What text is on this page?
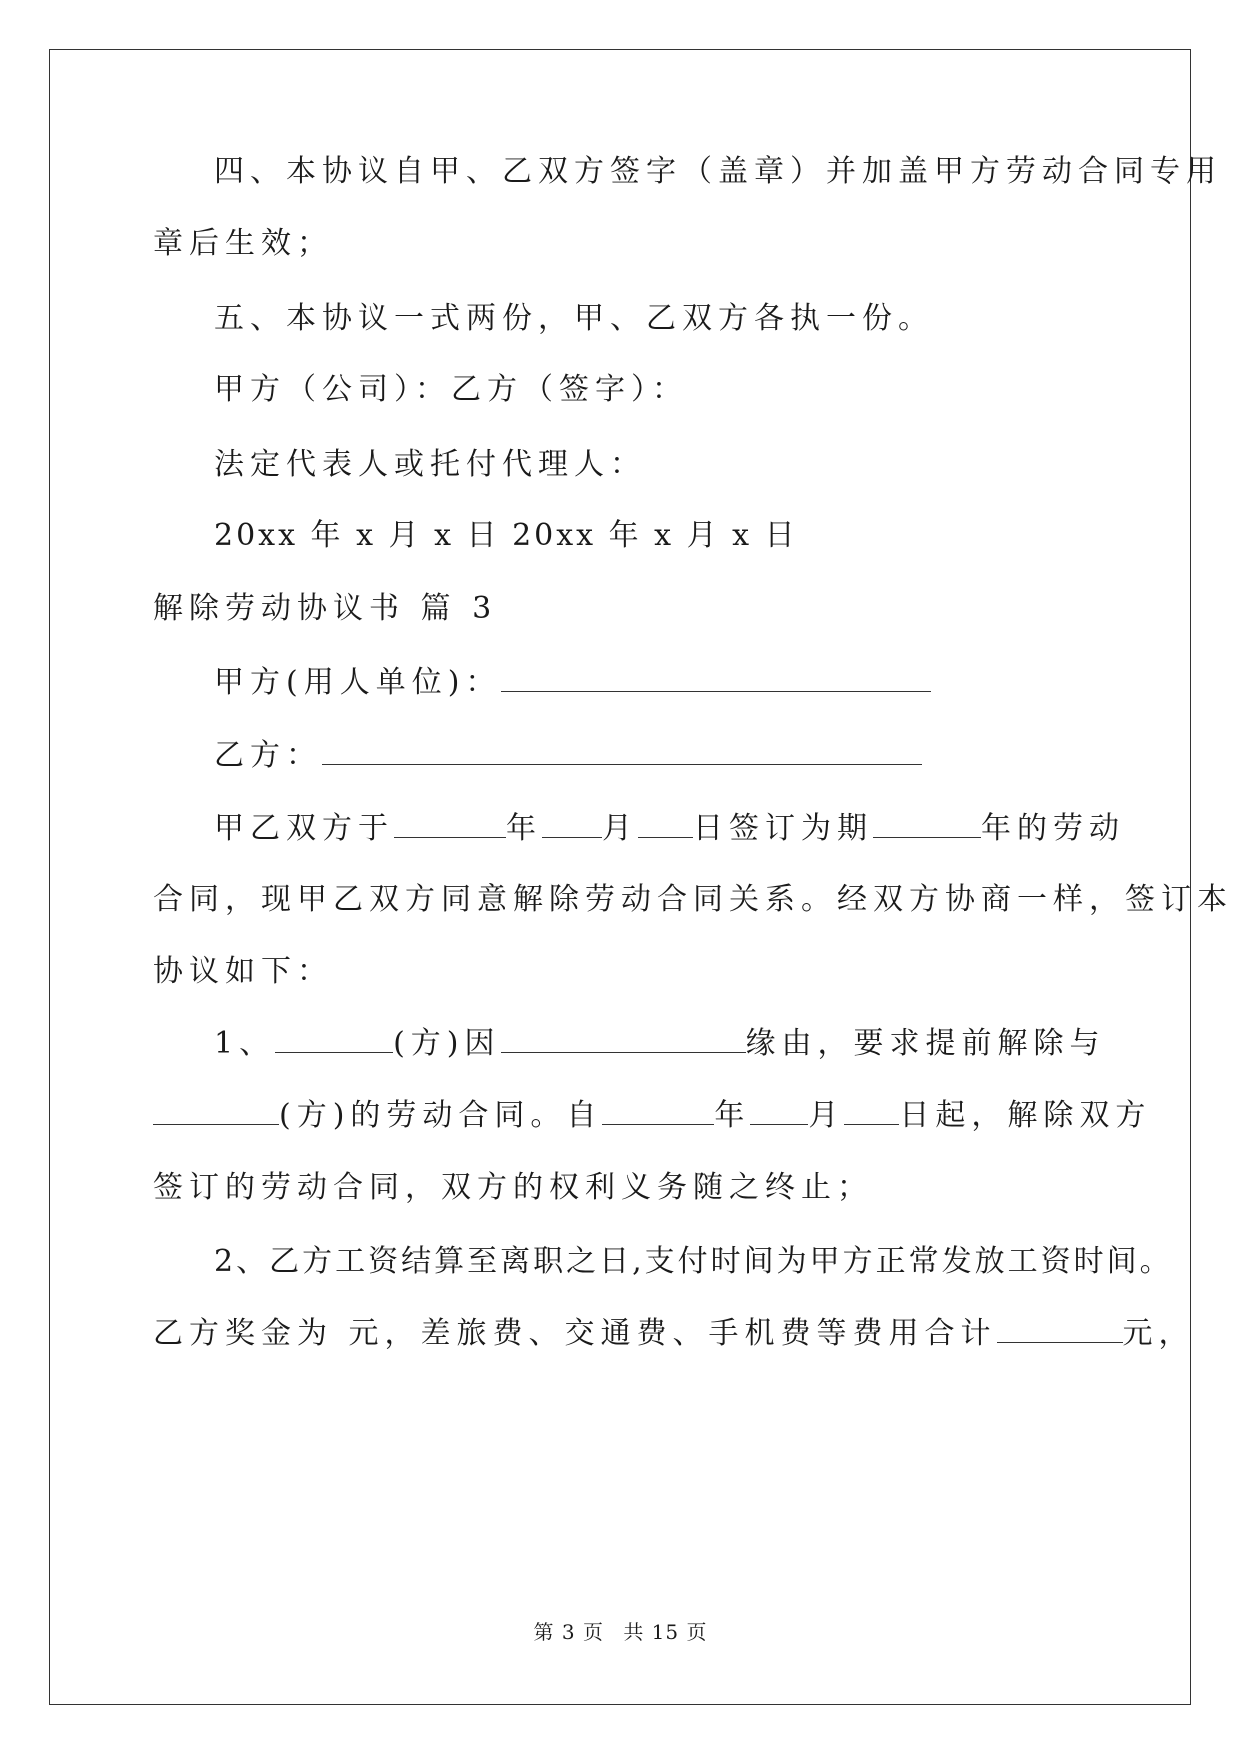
四、本协议自甲、乙双方签字（盖章）并加盖甲方劳动合同专用
章后生效；
五、本协议一式两份，甲、乙双方各执一份。
甲方（公司）：乙方（签字）：
法定代表人或托付代理人：
20xx 年 x 月 x 日 20xx 年 x 月 x 日
解除劳动协议书 篇 3
甲方(用人单位)：
乙方：
甲乙双方于	年 月 日签订为期	年的劳动
合同，现甲乙双方同意解除劳动合同关系。经双方协商一样，签订本
协议如下：
1、	(方)因	缘由，要求提前解除与
(方)的劳动合同。自	年 月 日起，解除双方
签订的劳动合同，双方的权利义务随之终止；
2、乙方工资结算至离职之日,支付时间为甲方正常发放工资时间。
乙方奖金为 元，差旅费、交通费、手机费等费用合计	元，
第 3 页 共 15 页
